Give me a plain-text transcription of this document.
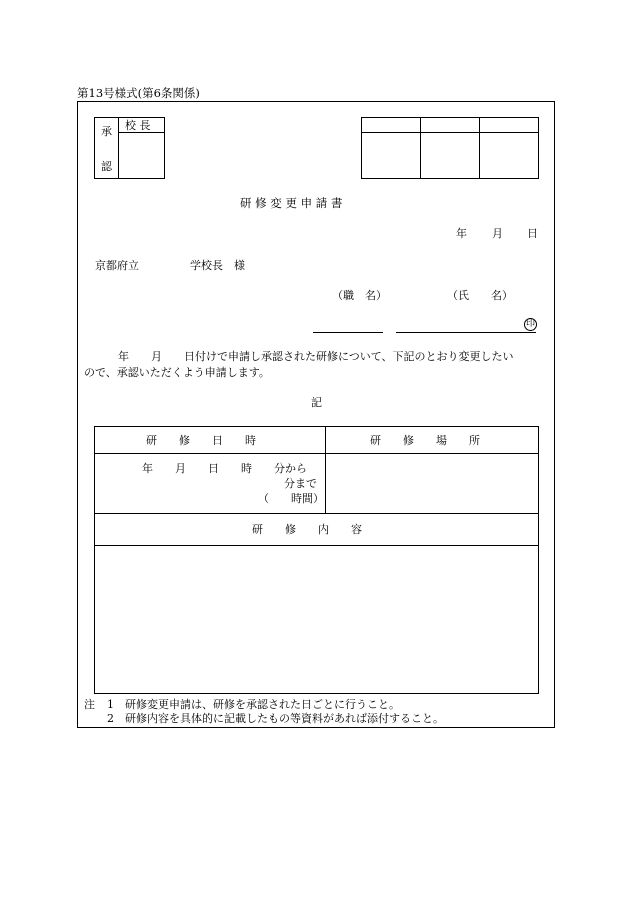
第13号様式(第6条関係)
承
認
校 長
研 修 変 更 申 請 書
年 月 日
京都府立	学校長　様
（職　名）	（氏　　名）
印
年　　月　　日付けで申請し承認された研修について、下記のとおり変更したい
ので、承認いただくよう申請します。
記
研　　修　　日　　時	研　　修　　場　　所
年　　月　　日　　時　　分から
分まで
（　　時間）
研　　修　　内　　容
注 1 研修変更申請は、研修を承認された日ごとに行うこと。
2 研修内容を具体的に記載したもの等資料があれば添付すること。
